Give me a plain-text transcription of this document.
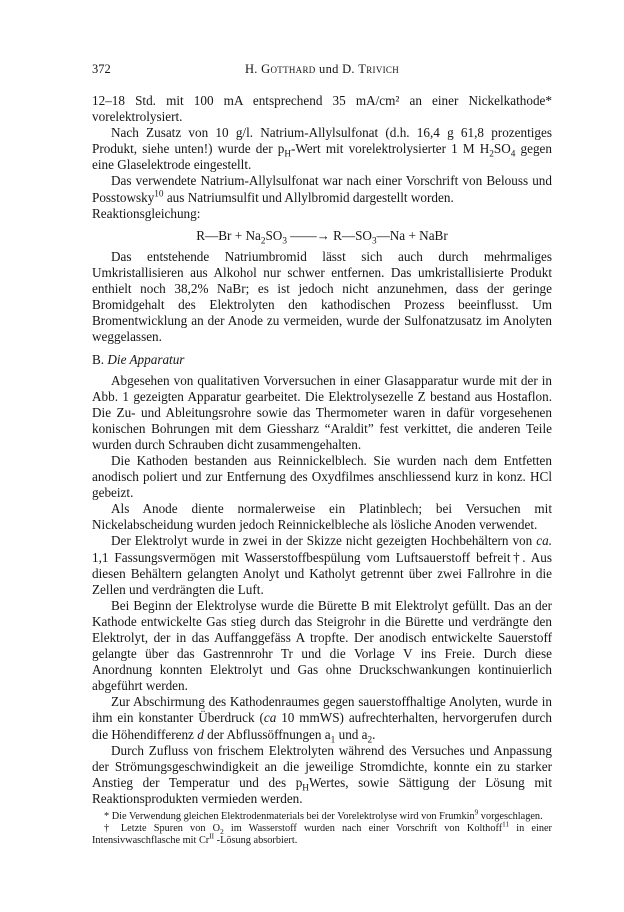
372	H. Gotthard und D. Trivich

12–18 Std. mit 100 mA entsprechend 35 mA/cm² an einer Nickelkathode* vorelektrolysiert.

Nach Zusatz von 10 g/l. Natrium-Allylsulfonat (d.h. 16,4 g 61,8 prozentiges Produkt, siehe unten!) wurde der $p_H$-Wert mit vorelektrolysierter 1 M $H_2SO_4$ gegen eine Glaselektrode eingestellt.

Das verwendete Natrium-Allylsulfonat war nach einer Vorschrift von Belouss und Posstowsky$^{10}$ aus Natriumsulfit und Allylbromid dargestellt worden.

Reaktionsgleichung:

R—Br + $Na_2SO_3$ ——→ $R—SO_3—Na$ + NaBr

Das entstehende Natriumbromid lässt sich auch durch mehrmaliges Umkristallisieren aus Alkohol nur schwer entfernen. Das umkristallisierte Produkt enthielt noch 38,2% NaBr; es ist jedoch nicht anzunehmen, dass der geringe Bromidgehalt des Elektrolyten den kathodischen Prozess beeinflusst. Um Bromentwicklung an der Anode zu vermeiden, wurde der Sulfonatzusatz im Anolyten weggelassen.

B. Die Apparatur

Abgesehen von qualitativen Vorversuchen in einer Glasapparatur wurde mit der in Abb. 1 gezeigten Apparatur gearbeitet. Die Elektrolysezelle Z bestand aus Hostaflon. Die Zu- und Ableitungsrohre sowie das Thermometer waren in dafür vorgesehenen konischen Bohrungen mit dem Giessharz “Araldit” fest verkittet, die anderen Teile wurden durch Schrauben dicht zusammengehalten.

Die Kathoden bestanden aus Reinnickelblech. Sie wurden nach dem Entfetten anodisch poliert und zur Entfernung des Oxydfilmes anschliessend kurz in konz. HCl gebeizt.

Als Anode diente normalerweise ein Platinblech; bei Versuchen mit Nickelabscheidung wurden jedoch Reinnickelbleche als lösliche Anoden verwendet.

Der Elektrolyt wurde in zwei in der Skizze nicht gezeigten Hochbehältern von ca. 1,1 Fassungsvermögen mit Wasserstoffbespülung vom Luftsauerstoff befreit†. Aus diesen Behältern gelangten Anolyt und Katholyt getrennt über zwei Fallrohre in die Zellen und verdrängten die Luft.

Bei Beginn der Elektrolyse wurde die Bürette B mit Elektrolyt gefüllt. Das an der Kathode entwickelte Gas stieg durch das Steigrohr in die Bürette und verdrängte den Elektrolyt, der in das Auffanggefäss A tropfte. Der anodisch entwickelte Sauerstoff gelangte über das Gastrennrohr Tr und die Vorlage V ins Freie. Durch diese Anordnung konnten Elektrolyt und Gas ohne Druckschwankungen kontinuierlich abgeführt werden.

Zur Abschirmung des Kathodenraumes gegen sauerstoffhaltige Anolyten, wurde in ihm ein konstanter Überdruck (ca 10 mmWS) aufrechterhalten, hervorgerufen durch die Höhendifferenz d der Abflussöffnungen $a_1$ und $a_2$.

Durch Zufluss von frischem Elektrolyten während des Versuches und Anpassung der Strömungsgeschwindigkeit an die jeweilige Stromdichte, konnte ein zu starker Anstieg der Temperatur und des $p_HWertes$, sowie Sättigung der Lösung mit Reaktionsprodukten vermieden werden.

* Die Verwendung gleichen Elektrodenmaterials bei der Vorelektrolyse wird von Frumkin$^9$ vorgeschlagen.

† Letzte Spuren von $O_2$ im Wasserstoff wurden nach einer Vorschrift von Kolthoff$^{11}$ in einer Intensivwaschflasche mit $Cr^{II}$ -Lösung absorbiert.
